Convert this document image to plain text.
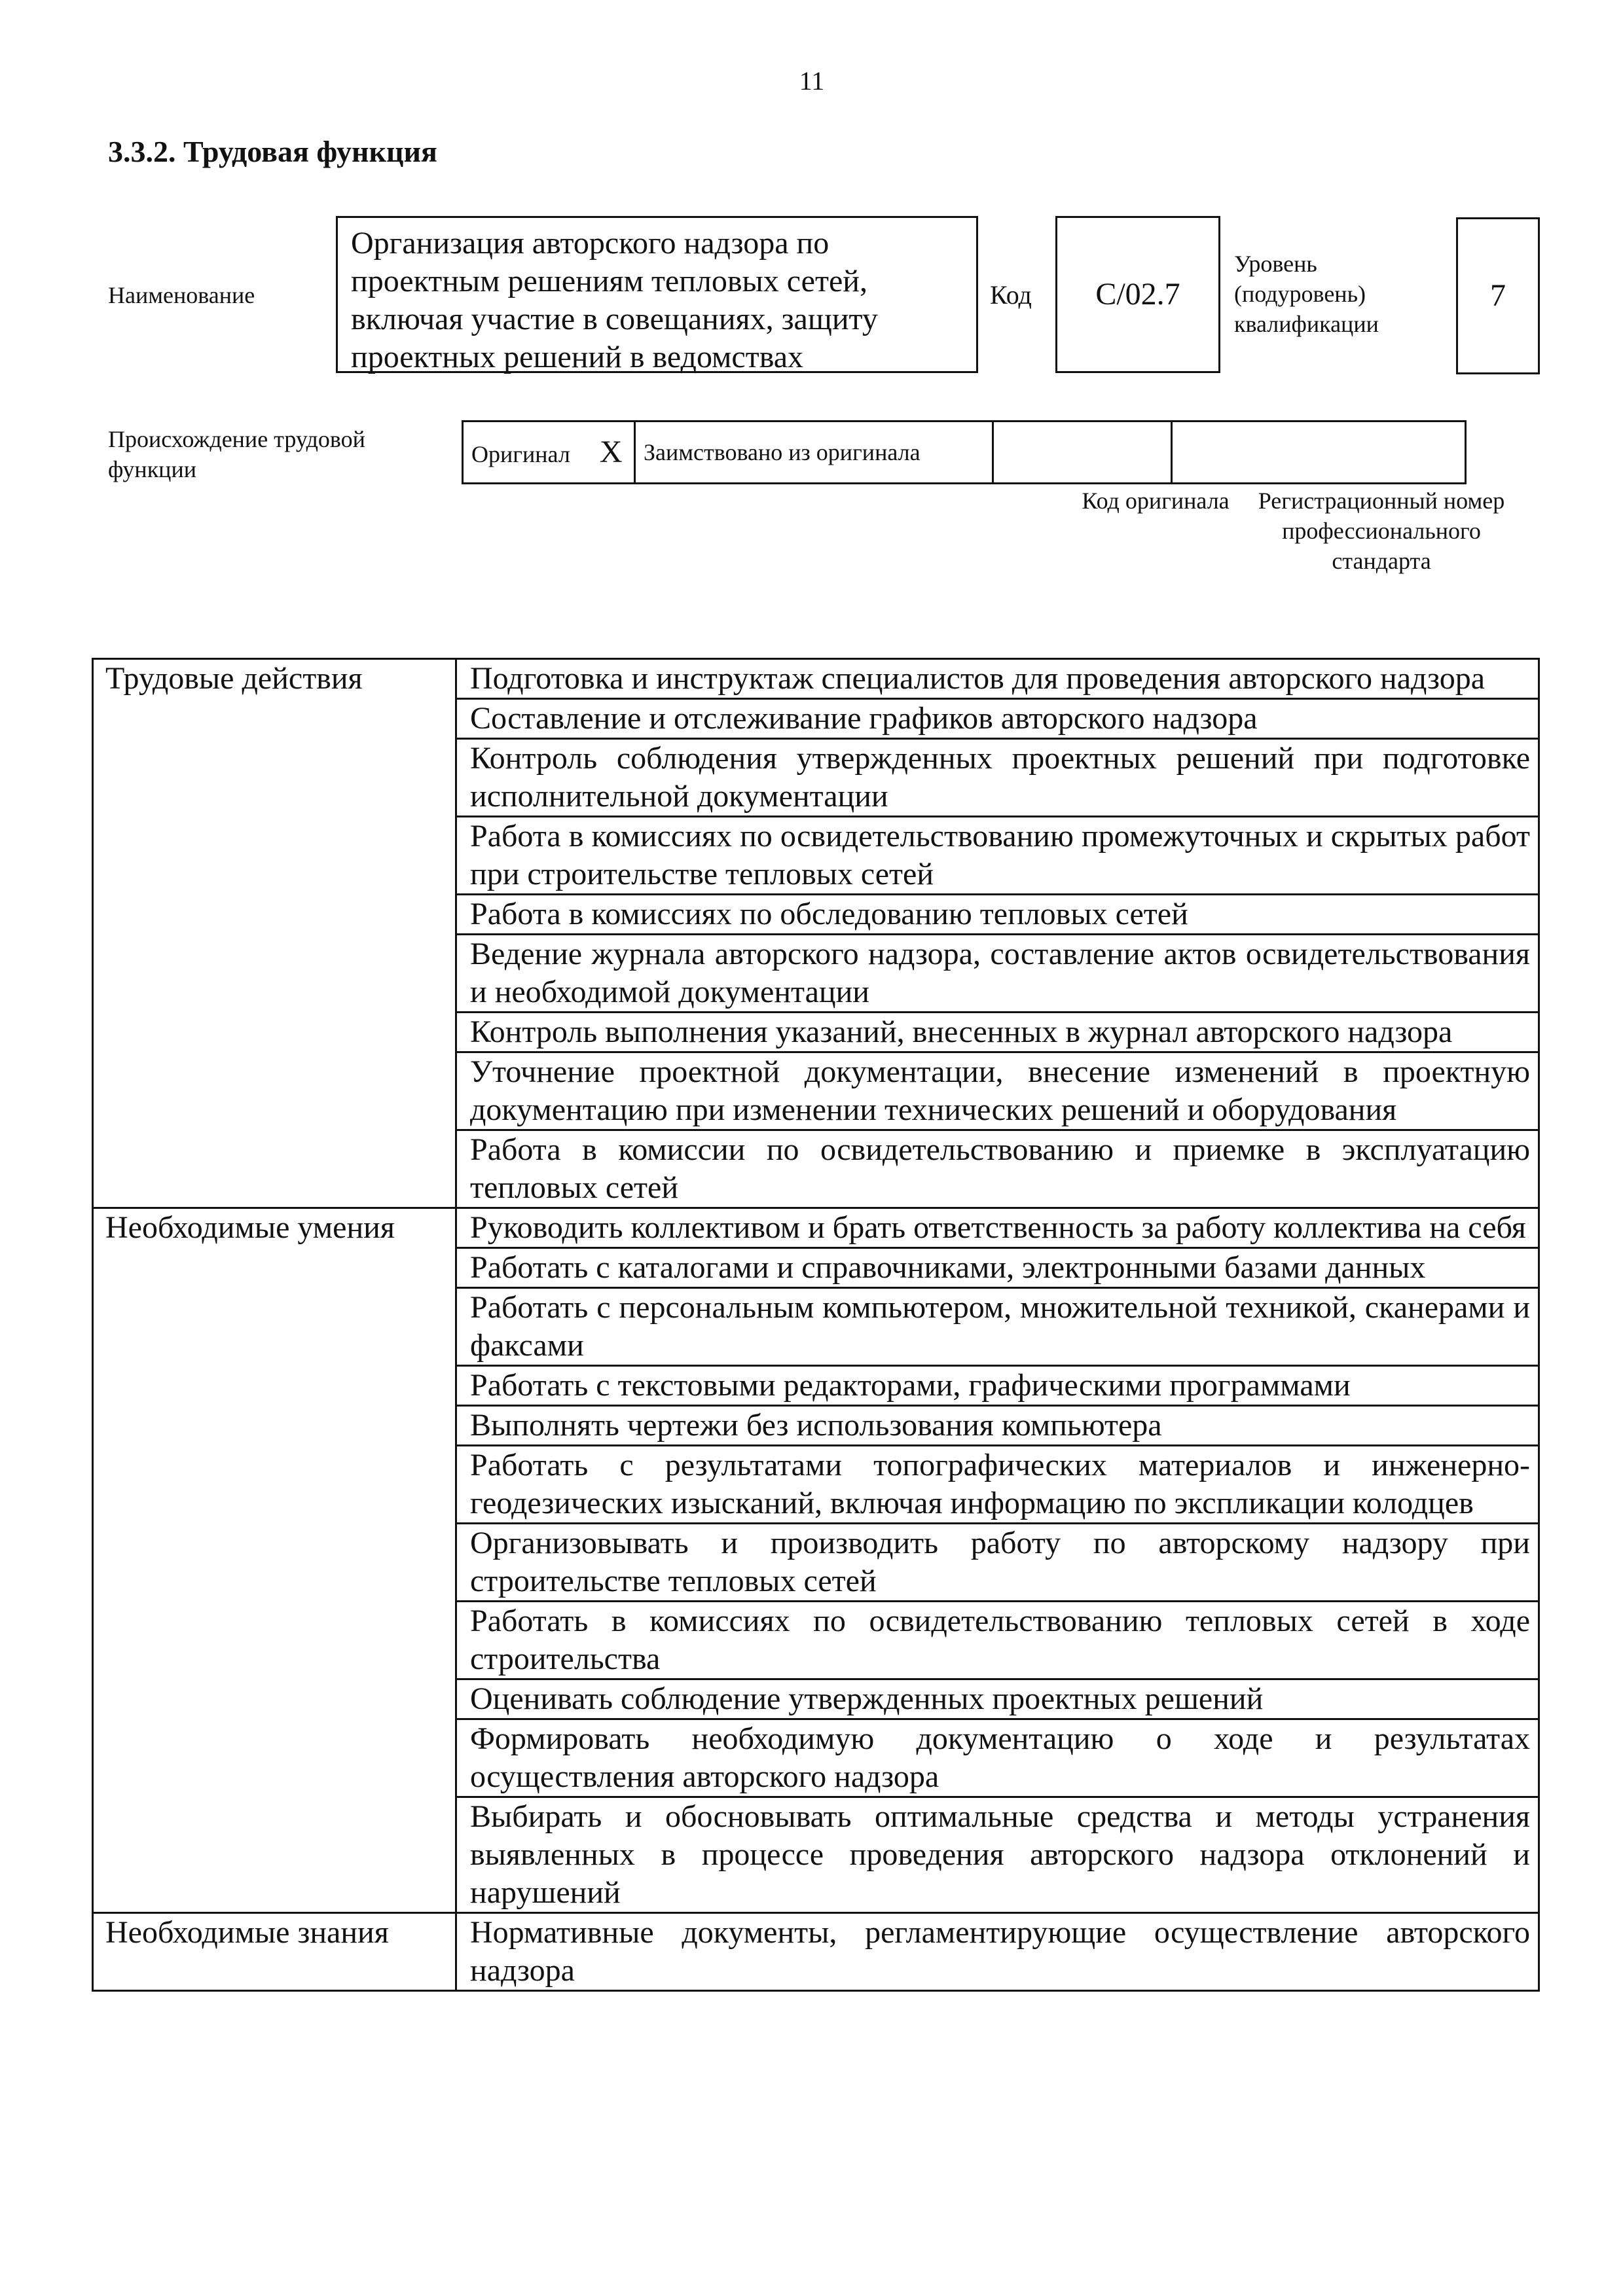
11
3.3.2. Трудовая функция
Наименование
Организация авторского надзора по проектным решениям тепловых сетей, включая участие в совещаниях, защиту проектных решений в ведомствах
Код C/02.7
Уровень (подуровень) квалификации
7
Происхождение трудовой функции
Оригинал X	Заимствовано из оригинала		
Код оригинала	Регистрационный номер профессионального стандарта
Трудовые действия	Подготовка и инструктаж специалистов для проведения авторского надзора
	Составление и отслеживание графиков авторского надзора
	Контроль соблюдения утвержденных проектных решений при подготовке исполнительной документации
	Работа в комиссиях по освидетельствованию промежуточных и скрытых работ при строительстве тепловых сетей
	Работа в комиссиях по обследованию тепловых сетей
	Ведение журнала авторского надзора, составление актов освидетельствования и необходимой документации
	Контроль выполнения указаний, внесенных в журнал авторского надзора
	Уточнение проектной документации, внесение изменений в проектную документацию при изменении технических решений и оборудования
	Работа в комиссии по освидетельствованию и приемке в эксплуатацию тепловых сетей
Необходимые умения	Руководить коллективом и брать ответственность за работу коллектива на себя
	Работать с каталогами и справочниками, электронными базами данных
	Работать с персональным компьютером, множительной техникой, сканерами и факсами
	Работать с текстовыми редакторами, графическими программами
	Выполнять чертежи без использования компьютера
	Работать с результатами топографических материалов и инженерно-геодезических изысканий, включая информацию по экспликации колодцев
	Организовывать и производить работу по авторскому надзору при строительстве тепловых сетей
	Работать в комиссиях по освидетельствованию тепловых сетей в ходе строительства
	Оценивать соблюдение утвержденных проектных решений
	Формировать необходимую документацию о ходе и результатах осуществления авторского надзора
	Выбирать и обосновывать оптимальные средства и методы устранения выявленных в процессе проведения авторского надзора отклонений и нарушений
Необходимые знания	Нормативные документы, регламентирующие осуществление авторского надзора
